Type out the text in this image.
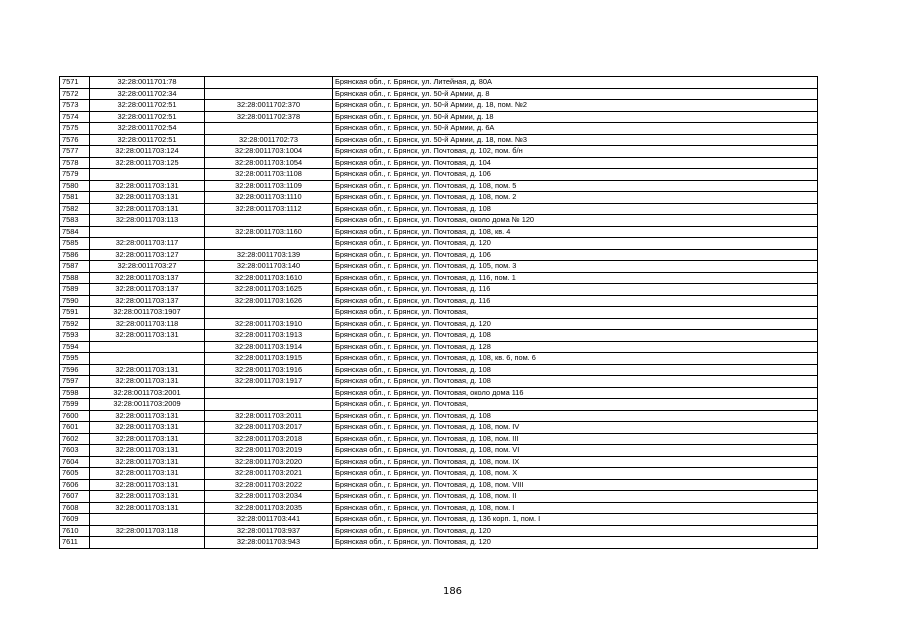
7571	32:28:0011701:78		Брянская обл., г. Брянск, ул. Литейная, д. 80А
7572	32:28:0011702:34		Брянская обл., г. Брянск, ул. 50-й Армии, д. 8
7573	32:28:0011702:51	32:28:0011702:370	Брянская обл., г. Брянск, ул. 50-й Армии, д. 18, пом. №2
7574	32:28:0011702:51	32:28:0011702:378	Брянская обл., г. Брянск, ул. 50-й Армии, д. 18
7575	32:28:0011702:54		Брянская обл., г. Брянск, ул. 50-й Армии, д. 6А
7576	32:28:0011702:51	32:28:0011702:73	Брянская обл., г. Брянск, ул. 50-й Армии, д. 18, пом. №3
7577	32:28:0011703:124	32:28:0011703:1004	Брянская обл., г. Брянск, ул. Почтовая, д. 102, пом. б/н
7578	32:28:0011703:125	32:28:0011703:1054	Брянская обл., г. Брянск, ул. Почтовая, д. 104
7579		32:28:0011703:1108	Брянская обл., г. Брянск, ул. Почтовая, д. 106
7580	32:28:0011703:131	32:28:0011703:1109	Брянская обл., г. Брянск, ул. Почтовая, д. 108, пом. 5
7581	32:28:0011703:131	32:28:0011703:1110	Брянская обл., г. Брянск, ул. Почтовая, д. 108, пом. 2
7582	32:28:0011703:131	32:28:0011703:1112	Брянская обл., г. Брянск, ул. Почтовая, д. 108
7583	32:28:0011703:113		Брянская обл., г. Брянск, ул. Почтовая, около дома № 120
7584		32:28:0011703:1160	Брянская обл., г. Брянск, ул. Почтовая, д. 108, кв. 4
7585	32:28:0011703:117		Брянская обл., г. Брянск, ул. Почтовая, д. 120
7586	32:28:0011703:127	32:28:0011703:139	Брянская обл., г. Брянск, ул. Почтовая, д. 106
7587	32:28:0011703:27	32:28:0011703:140	Брянская обл., г. Брянск, ул. Почтовая, д. 105, пом. 3
7588	32:28:0011703:137	32:28:0011703:1610	Брянская обл., г. Брянск, ул. Почтовая, д. 116, пом. 1
7589	32:28:0011703:137	32:28:0011703:1625	Брянская обл., г. Брянск, ул. Почтовая, д. 116
7590	32:28:0011703:137	32:28:0011703:1626	Брянская обл., г. Брянск, ул. Почтовая, д. 116
7591	32:28:0011703:1907		Брянская обл., г. Брянск, ул. Почтовая,
7592	32:28:0011703:118	32:28:0011703:1910	Брянская обл., г. Брянск, ул. Почтовая, д. 120
7593	32:28:0011703:131	32:28:0011703:1913	Брянская обл., г. Брянск, ул. Почтовая, д. 108
7594		32:28:0011703:1914	Брянская обл., г. Брянск, ул. Почтовая, д. 128
7595		32:28:0011703:1915	Брянская обл., г. Брянск, ул. Почтовая, д. 108, кв. 6, пом. 6
7596	32:28:0011703:131	32:28:0011703:1916	Брянская обл., г. Брянск, ул. Почтовая, д. 108
7597	32:28:0011703:131	32:28:0011703:1917	Брянская обл., г. Брянск, ул. Почтовая, д. 108
7598	32:28:0011703:2001		Брянская обл., г. Брянск, ул. Почтовая, около дома 116
7599	32:28:0011703:2009		Брянская обл., г. Брянск, ул. Почтовая,
7600	32:28:0011703:131	32:28:0011703:2011	Брянская обл., г. Брянск, ул. Почтовая, д. 108
7601	32:28:0011703:131	32:28:0011703:2017	Брянская обл., г. Брянск, ул. Почтовая, д. 108, пом. IV
7602	32:28:0011703:131	32:28:0011703:2018	Брянская обл., г. Брянск, ул. Почтовая, д. 108, пом. III
7603	32:28:0011703:131	32:28:0011703:2019	Брянская обл., г. Брянск, ул. Почтовая, д. 108, пом. VI
7604	32:28:0011703:131	32:28:0011703:2020	Брянская обл., г. Брянск, ул. Почтовая, д. 108, пом. IX
7605	32:28:0011703:131	32:28:0011703:2021	Брянская обл., г. Брянск, ул. Почтовая, д. 108, пом. X
7606	32:28:0011703:131	32:28:0011703:2022	Брянская обл., г. Брянск, ул. Почтовая, д. 108, пом. VIII
7607	32:28:0011703:131	32:28:0011703:2034	Брянская обл., г. Брянск, ул. Почтовая, д. 108, пом. II
7608	32:28:0011703:131	32:28:0011703:2035	Брянская обл., г. Брянск, ул. Почтовая, д. 108, пом. I
7609		32:28:0011703:441	Брянская обл., г. Брянск, ул. Почтовая, д. 136 корп. 1, пом. I
7610	32:28:0011703:118	32:28:0011703:937	Брянская обл., г. Брянск, ул. Почтовая, д. 120
7611		32:28:0011703:943	Брянская обл., г. Брянск, ул. Почтовая, д. 120
186
